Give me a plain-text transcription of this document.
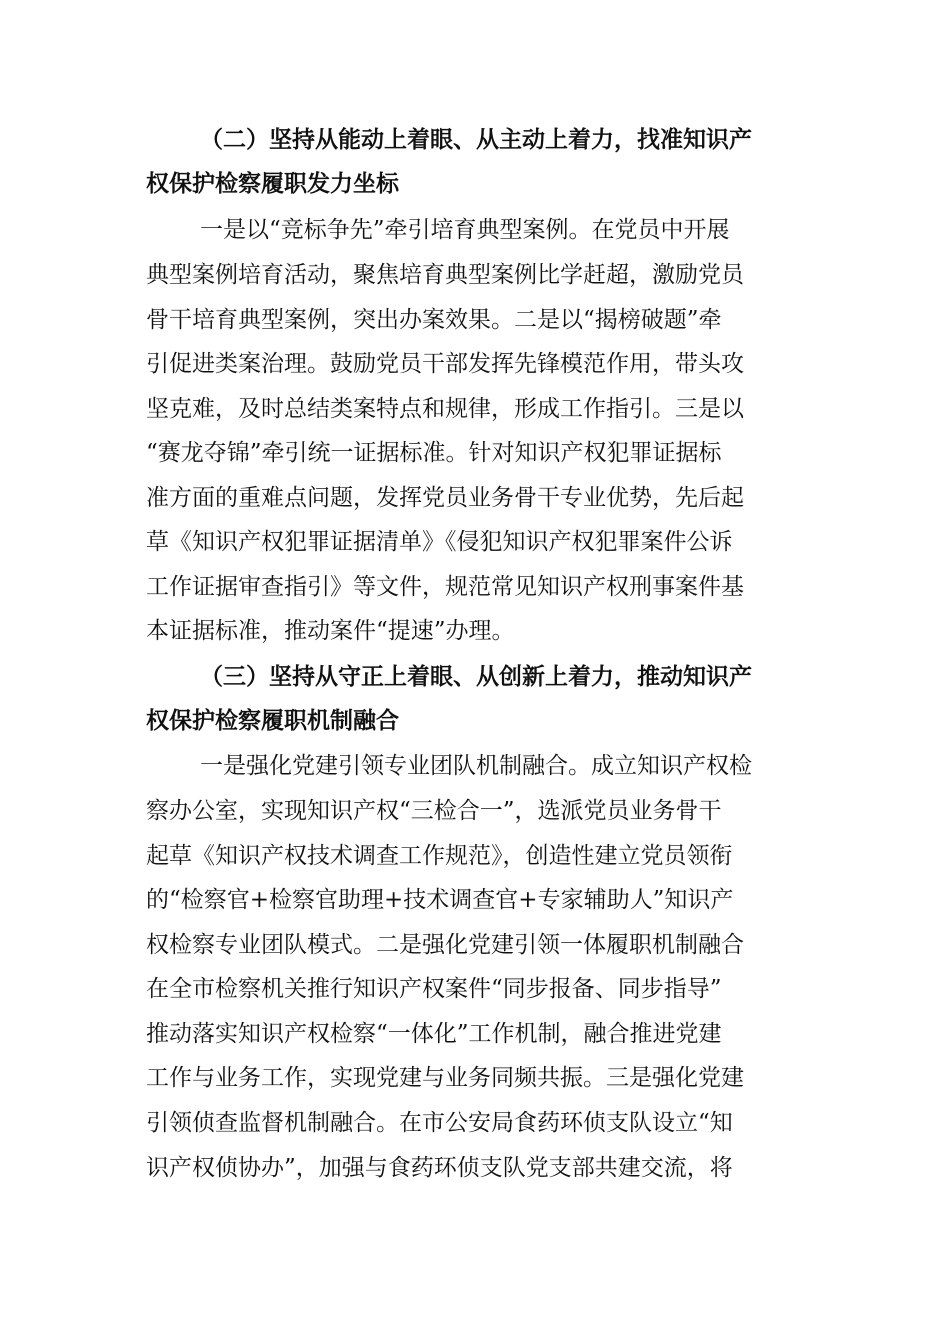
（二）坚持从能动上着眼、从主动上着力，找准知识产
权保护检察履职发力坐标
一是以“竞标争先”牵引培育典型案例。在党员中开展
典型案例培育活动，聚焦培育典型案例比学赶超，激励党员
骨干培育典型案例，突出办案效果。二是以“揭榜破题”牵
引促进类案治理。鼓励党员干部发挥先锋模范作用，带头攻
坚克难，及时总结类案特点和规律，形成工作指引。三是以
“赛龙夺锦”牵引统一证据标准。针对知识产权犯罪证据标
准方面的重难点问题，发挥党员业务骨干专业优势，先后起
草《知识产权犯罪证据清单》《侵犯知识产权犯罪案件公诉
工作证据审查指引》等文件，规范常见知识产权刑事案件基
本证据标准，推动案件“提速”办理。
（三）坚持从守正上着眼、从创新上着力，推动知识产
权保护检察履职机制融合
一是强化党建引领专业团队机制融合。成立知识产权检
察办公室，实现知识产权“三检合一”，选派党员业务骨干
起草《知识产权技术调查工作规范》，创造性建立党员领衔
的“检察官+检察官助理+技术调查官+专家辅助人”知识产
权检察专业团队模式。二是强化党建引领一体履职机制融合
在全市检察机关推行知识产权案件“同步报备、同步指导”
推动落实知识产权检察“一体化”工作机制，融合推进党建
工作与业务工作，实现党建与业务同频共振。三是强化党建
引领侦查监督机制融合。在市公安局食药环侦支队设立“知
识产权侦协办”，加强与食药环侦支队党支部共建交流，将
